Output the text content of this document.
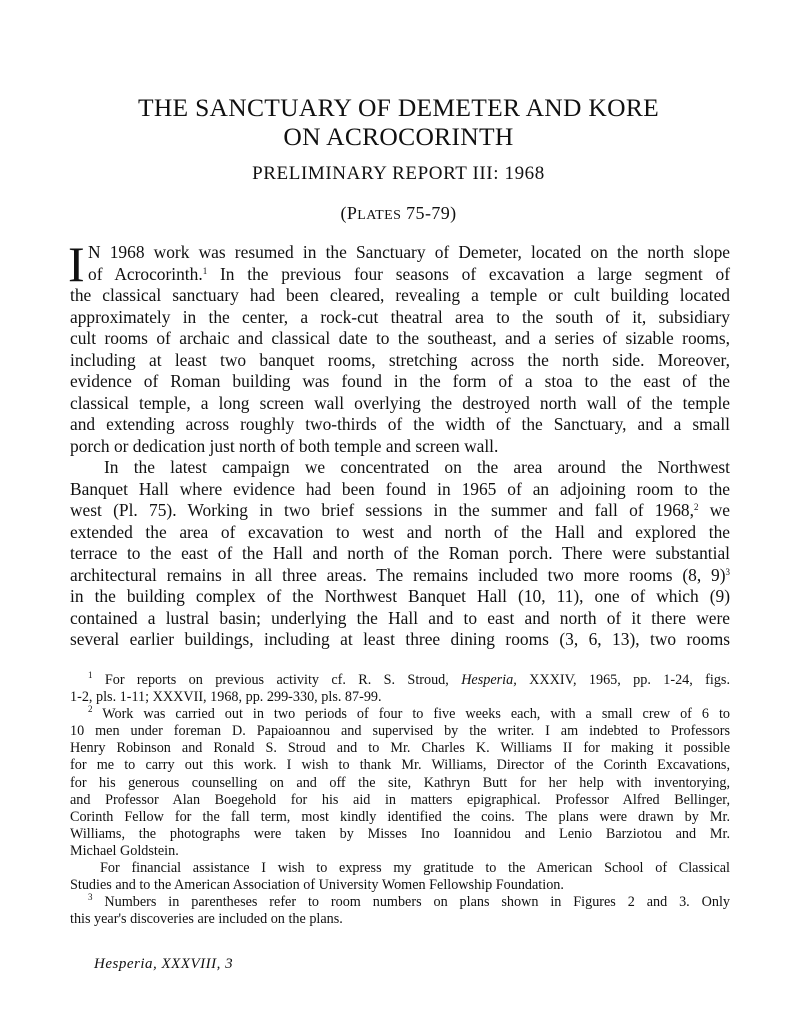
THE SANCTUARY OF DEMETER AND KORE
ON ACROCORINTH
PRELIMINARY REPORT III: 1968
(PLATES 75-79)
I N 1968 work was resumed in the Sanctuary of Demeter, located on the north slope
of Acrocorinth.$^1$ In the previous four seasons of excavation a large segment of
the classical sanctuary had been cleared, revealing a temple or cult building located
approximately in the center, a rock-cut theatral area to the south of it, subsidiary
cult rooms of archaic and classical date to the southeast, and a series of sizable rooms,
including at least two banquet rooms, stretching across the north side. Moreover,
evidence of Roman building was found in the form of a stoa to the east of the
classical temple, a long screen wall overlying the destroyed north wall of the temple
and extending across roughly two-thirds of the width of the Sanctuary, and a small
porch or dedication just north of both temple and screen wall.
In the latest campaign we concentrated on the area around the Northwest
Banquet Hall where evidence had been found in 1965 of an adjoining room to the
west (Pl. 75). Working in two brief sessions in the summer and fall of 1968,$^2$ we
extended the area of excavation to west and north of the Hall and explored the
terrace to the east of the Hall and north of the Roman porch. There were substantial
architectural remains in all three areas. The remains included two more rooms (8, 9)$^3$
in the building complex of the Northwest Banquet Hall (10, 11), one of which (9)
contained a lustral basin; underlying the Hall and to east and north of it there were
several earlier buildings, including at least three dining rooms (3, 6, 13), two rooms
$^1$ For reports on previous activity cf. R. S. Stroud, Hesperia, XXXIV, 1965, pp. 1-24, figs.
1-2, pls. 1-11; XXXVII, 1968, pp. 299-330, pls. 87-99.
$^2$ Work was carried out in two periods of four to five weeks each, with a small crew of 6 to
10 men under foreman D. Papaioannou and supervised by the writer. I am indebted to Professors
Henry Robinson and Ronald S. Stroud and to Mr. Charles K. Williams II for making it possible
for me to carry out this work. I wish to thank Mr. Williams, Director of the Corinth Excavations,
for his generous counselling on and off the site, Kathryn Butt for her help with inventorying,
and Professor Alan Boegehold for his aid in matters epigraphical. Professor Alfred Bellinger,
Corinth Fellow for the fall term, most kindly identified the coins. The plans were drawn by Mr.
Williams, the photographs were taken by Misses Ino Ioannidou and Lenio Barziotou and Mr.
Michael Goldstein.
For financial assistance I wish to express my gratitude to the American School of Classical
Studies and to the American Association of University Women Fellowship Foundation.
$^3$ Numbers in parentheses refer to room numbers on plans shown in Figures 2 and 3. Only
this year's discoveries are included on the plans.
Hesperia, XXXVIII, 3
